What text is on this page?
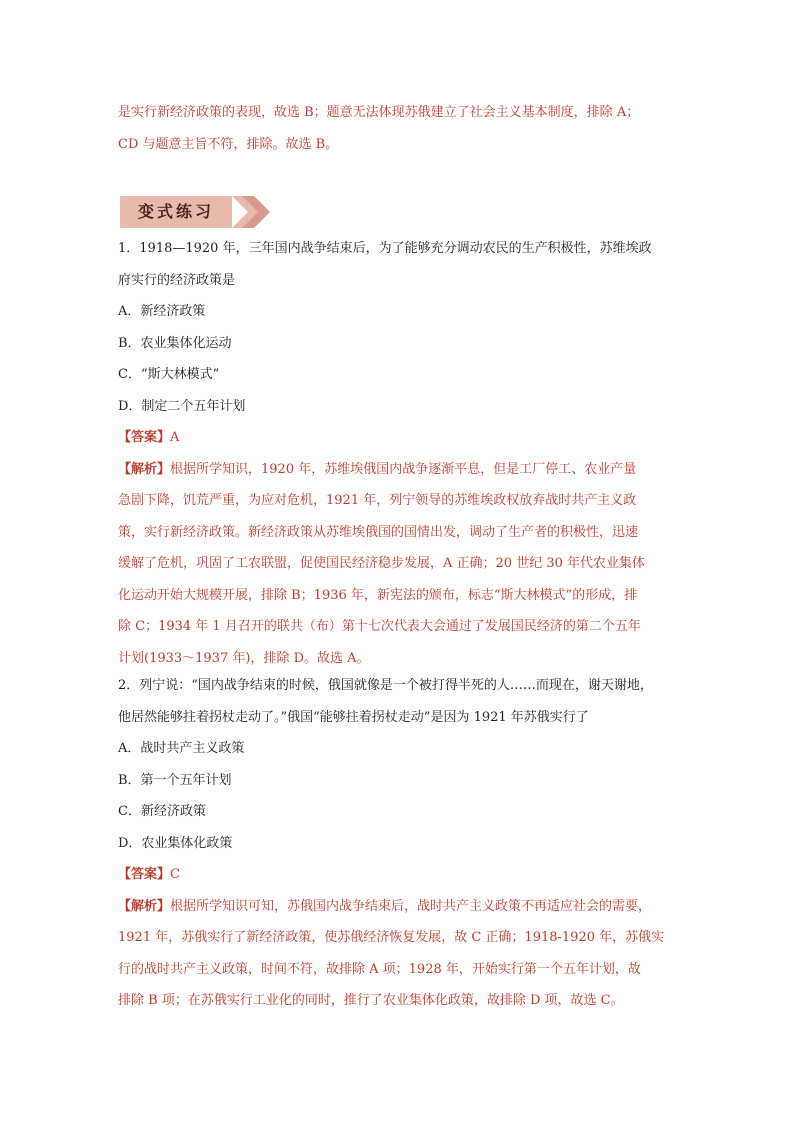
是实行新经济政策的表现，故选 B；题意无法体现苏俄建立了社会主义基本制度，排除 A；

CD 与题意主旨不符，排除。故选 B。

变式练习

1．1918—1920 年，三年国内战争结束后，为了能够充分调动农民的生产积极性，苏维埃政

府实行的经济政策是

A．新经济政策

B．农业集体化运动

C．“斯大林模式”

D．制定二个五年计划

【答案】A

【解析】根据所学知识，1920 年，苏维埃俄国内战争逐渐平息，但是工厂停工、农业产量

急剧下降，饥荒严重，为应对危机，1921 年，列宁领导的苏维埃政权放弃战时共产主义政

策，实行新经济政策。新经济政策从苏维埃俄国的国情出发，调动了生产者的积极性，迅速

缓解了危机，巩固了工农联盟，促使国民经济稳步发展，A 正确；20 世纪 30 年代农业集体

化运动开始大规模开展，排除 B；1936 年，新宪法的颁布，标志“斯大林模式”的形成，排

除 C；1934 年 1 月召开的联共（布）第十七次代表大会通过了发展国民经济的第二个五年

计划(1933～1937 年)，排除 D。故选 A。

2．列宁说：“国内战争结束的时候，俄国就像是一个被打得半死的人……而现在，谢天谢地，

他居然能够拄着拐杖走动了。”俄国“能够拄着拐杖走动”是因为 1921 年苏俄实行了

A．战时共产主义政策

B．第一个五年计划

C．新经济政策

D．农业集体化政策

【答案】C

【解析】根据所学知识可知，苏俄国内战争结束后，战时共产主义政策不再适应社会的需要，

1921 年，苏俄实行了新经济政策，使苏俄经济恢复发展，故 C 正确；1918-1920 年，苏俄实

行的战时共产主义政策，时间不符，故排除 A 项；1928 年，开始实行第一个五年计划，故

排除 B 项；在苏俄实行工业化的同时，推行了农业集体化政策，故排除 D 项，故选 C。
